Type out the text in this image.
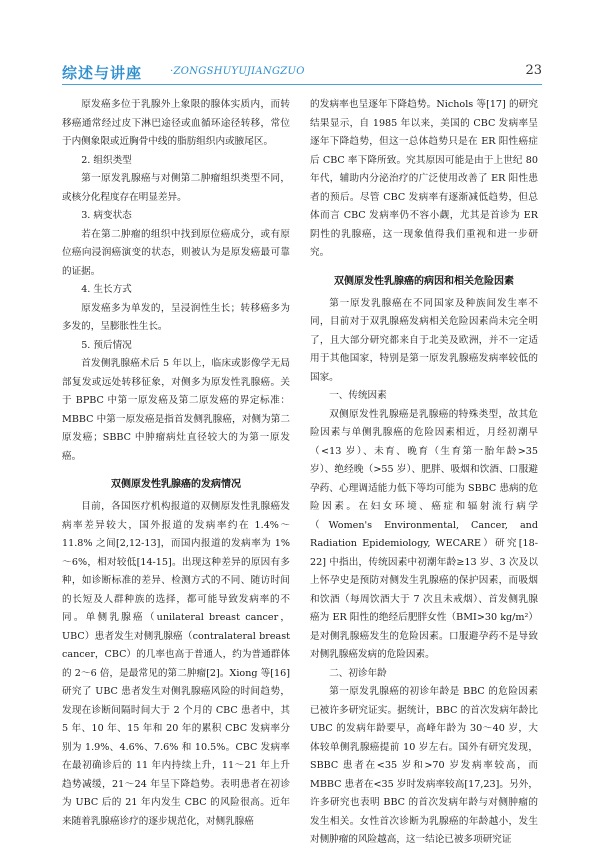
综述与讲座	·ZONGSHUYUJIANGZUO	23

原发癌多位于乳腺外上象限的腺体实质内，而转移癌通常经过皮下淋巴途径或血循环途径转移，常位于内侧象限或近胸骨中线的脂肪组织内或腋尾区。

2. 组织类型

第一原发乳腺癌与对侧第二肿瘤组织类型不同，或核分化程度存在明显差异。

3. 病变状态

若在第二肿瘤的组织中找到原位癌成分，或有原位癌向浸润癌演变的状态，则被认为是原发癌最可靠的证据。

4. 生长方式

原发癌多为单发的，呈浸润性生长；转移癌多为多发的，呈膨胀性生长。

5. 预后情况

首发侧乳腺癌术后 5 年以上，临床或影像学无局部复发或远处转移征象，对侧多为原发性乳腺癌。关于 BPBC 中第一原发癌及第二原发癌的界定标准：MBBC 中第一原发癌是指首发侧乳腺癌，对侧为第二原发癌；SBBC 中肿瘤病灶直径较大的为第一原发癌。

双侧原发性乳腺癌的发病情况

目前，各国医疗机构报道的双侧原发性乳腺癌发病率差异较大，国外报道的发病率约在 1.4%～11.8% 之间[2,12-13]，而国内报道的发病率为 1%～6%，相对较低[14-15]。出现这种差异的原因有多种，如诊断标准的差异、检测方式的不同、随访时间的长短及人群种族的选择，都可能导致发病率的不同。单侧乳腺癌（unilateral breast cancer，UBC）患者发生对侧乳腺癌（contralateral breast cancer，CBC）的几率也高于普通人，约为普通群体的 2～6 倍，是最常见的第二肿瘤[2]。Xiong 等[16] 研究了 UBC 患者发生对侧乳腺癌风险的时间趋势，发现在诊断间隔时间大于 2 个月的 CBC 患者中，其 5 年、10 年、15 年和 20 年的累积 CBC 发病率分别为 1.9%、4.6%、7.6% 和 10.5%。CBC 发病率在最初确诊后的 11 年内持续上升，11～21 年上升趋势减缓，21～24 年呈下降趋势。表明患者在初诊为 UBC 后的 21 年内发生 CBC 的风险很高。近年来随着乳腺癌诊疗的逐步规范化，对侧乳腺癌

的发病率也呈逐年下降趋势。Nichols 等[17] 的研究结果显示，自 1985 年以来，美国的 CBC 发病率呈逐年下降趋势，但这一总体趋势只是在 ER 阳性癌症后 CBC 率下降所致。究其原因可能是由于上世纪 80 年代，辅助内分泌治疗的广泛使用改善了 ER 阳性患者的预后。尽管 CBC 发病率有逐渐减低趋势，但总体而言 CBC 发病率仍不容小觑，尤其是首诊为 ER 阴性的乳腺癌，这一现象值得我们重视和进一步研究。

双侧原发性乳腺癌的病因和相关危险因素

第一原发乳腺癌在不同国家及种族间发生率不同，目前对于双乳腺癌发病相关危险因素尚未完全明了，且大部分研究都来自于北美及欧洲，并不一定适用于其他国家，特别是第一原发乳腺癌发病率较低的国家。

一、传统因素

双侧原发性乳腺癌是乳腺癌的特殊类型，故其危险因素与单侧乳腺癌的危险因素相近，月经初潮早（<13 岁）、未育、晚育（生育第一胎年龄>35 岁）、绝经晚（>55 岁）、肥胖、吸烟和饮酒、口服避孕药、心理调适能力低下等均可能为 SBBC 患病的危险因素。在妇女环境、癌症和辐射流行病学（Women's Environmental, Cancer, and Radiation Epidemiology, WECARE）研究[18-22] 中指出，传统因素中初潮年龄≥13 岁、3 次及以上怀孕史是预防对侧发生乳腺癌的保护因素，而吸烟和饮酒（每周饮酒大于 7 次且未戒烟）、首发侧乳腺癌为 ER 阳性的绝经后肥胖女性（BMI>30 kg/m²）是对侧乳腺癌发生的危险因素。口服避孕药不是导致对侧乳腺癌发病的危险因素。

二、初诊年龄

第一原发乳腺癌的初诊年龄是 BBC 的危险因素已被许多研究证实。据统计，BBC 的首次发病年龄比 UBC 的发病年龄要早，高峰年龄为 30～40 岁，大体较单侧乳腺癌提前 10 岁左右。国外有研究发现，SBBC 患者在<35 岁和>70 岁发病率较高，而 MBBC 患者在<35 岁时发病率较高[17,23]。另外，许多研究也表明 BBC 的首次发病年龄与对侧肿瘤的发生相关。女性首次诊断为乳腺癌的年龄越小，发生对侧肿瘤的风险越高，这一结论已被多项研究证
